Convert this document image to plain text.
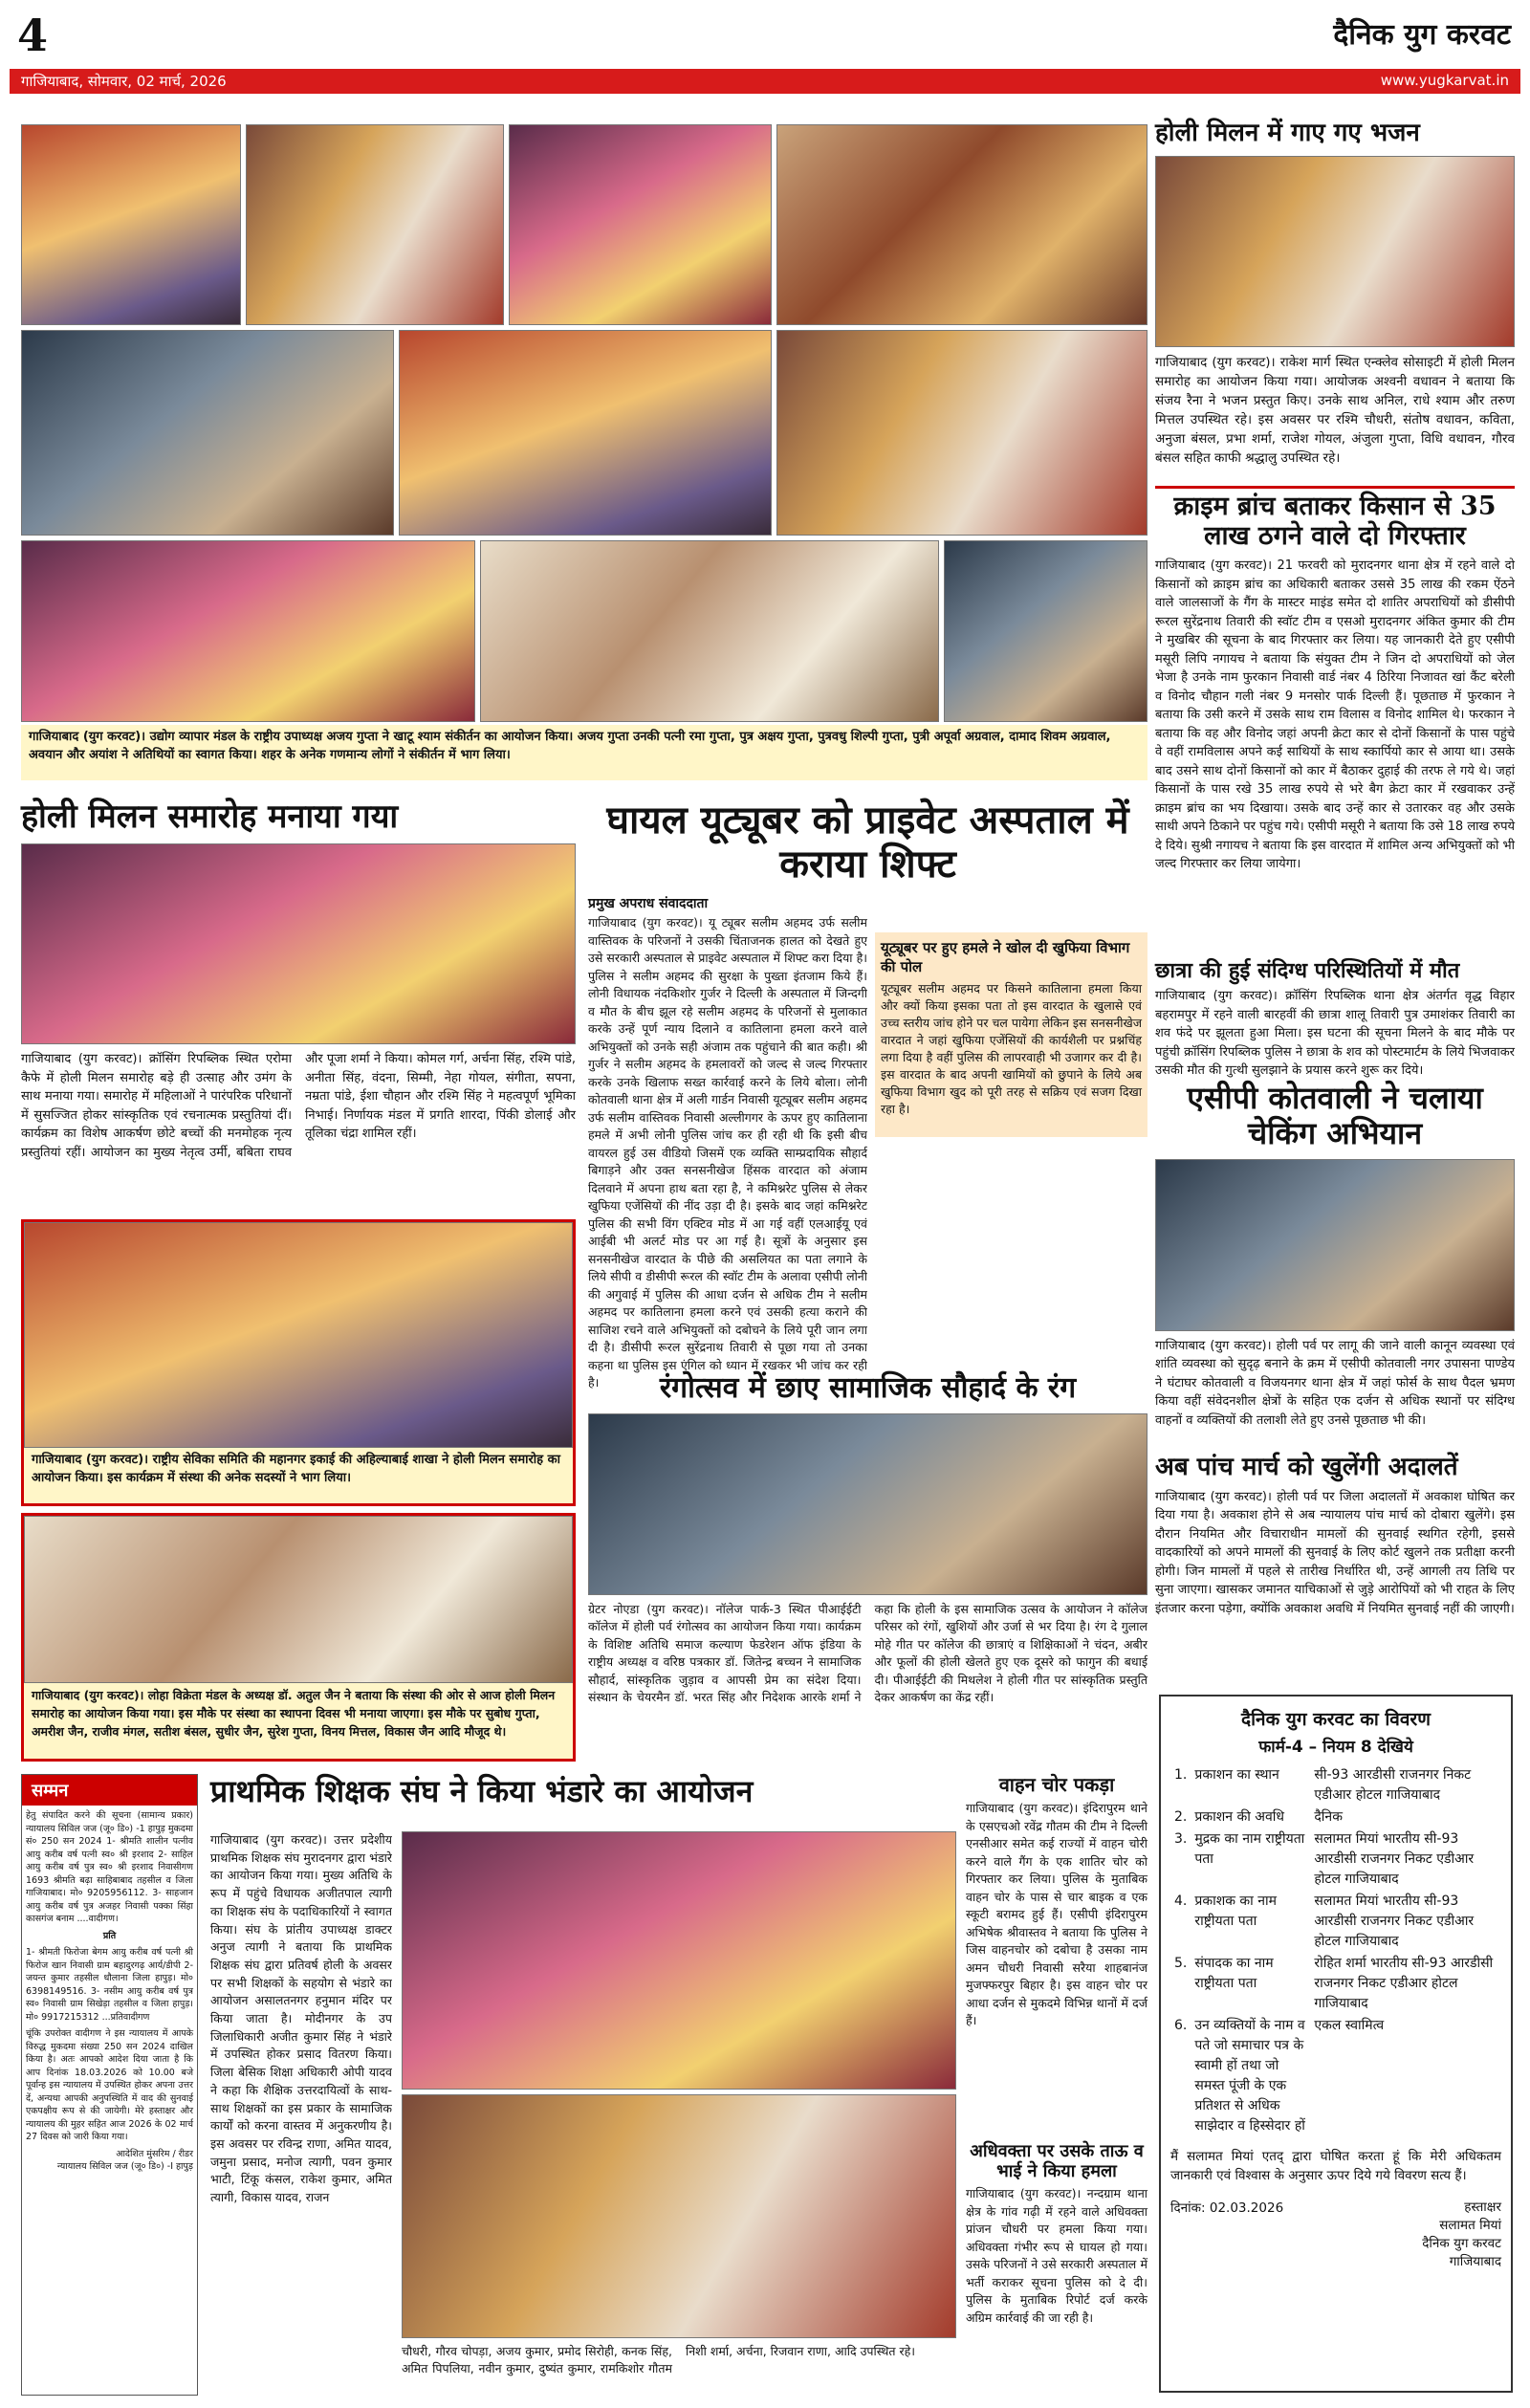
4	दैनिक युग करवट
गाजियाबाद, सोमवार, 02 मार्च, 2026	www.yugkarvat.in
गाजियाबाद (युग करवट)। उद्योग व्यापार मंडल के राष्ट्रीय उपाध्यक्ष अजय गुप्ता ने खाटू श्याम संकीर्तन का आयोजन किया। अजय गुप्ता उनकी पत्नी रमा गुप्ता, पुत्र अक्षय गुप्ता, पुत्रवधु शिल्पी गुप्ता, पुत्री अपूर्वा अग्रवाल, दामाद शिवम अग्रवाल, अवयान और अयांश ने अतिथियों का स्वागत किया। शहर के अनेक गणमान्य लोगों ने संकीर्तन में भाग लिया।
होली मिलन में गाए गए भजन
गाजियाबाद (युग करवट)। राकेश मार्ग स्थित एन्क्लेव सोसाइटी में होली मिलन समारोह का आयोजन किया गया। आयोजक अश्वनी वधावन ने बताया कि संजय रैना ने भजन प्रस्तुत किए। उनके साथ अनिल, राधे श्याम और तरुण मित्तल उपस्थित रहे। इस अवसर पर रश्मि चौधरी, संतोष वधावन, कविता, अनुजा बंसल, प्रभा शर्मा, राजेश गोयल, अंजुला गुप्ता, विधि वधावन, गौरव बंसल सहित काफी श्रद्धालु उपस्थित रहे।
क्राइम ब्रांच बताकर किसान से 35 लाख ठगने वाले दो गिरफ्तार
गाजियाबाद (युग करवट)। 21 फरवरी को मुरादनगर थाना क्षेत्र में रहने वाले दो किसानों को क्राइम ब्रांच का अधिकारी बताकर उससे 35 लाख की रकम ऐंठने वाले जालसाजों के गैंग के मास्टर माइंड समेत दो शातिर अपराधियों को डीसीपी रूरल सुरेंद्रनाथ तिवारी की स्वॉट टीम व एसओ मुरादनगर अंकित कुमार की टीम ने मुखबिर की सूचना के बाद गिरफ्तार कर लिया। यह जानकारी देते हुए एसीपी मसूरी लिपि नगायच ने बताया कि संयुक्त टीम ने जिन दो अपराधियों को जेल भेजा है उनके नाम फुरकान निवासी वार्ड नंबर 4 ठिरिया निजावत खां कैंट बरेली व विनोद चौहान गली नंबर 9 मनसोर पार्क दिल्ली हैं। पूछताछ में फुरकान ने बताया कि उसी करने में उसके साथ राम विलास व विनोद शामिल थे। फरकान ने बताया कि वह और विनोद जहां अपनी क्रेटा कार से दोनों किसानों के पास पहुंचे वे वहीं रामविलास अपने कई साथियों के साथ स्कार्पियो कार से आया था। उसके बाद उसने साथ दोनों किसानों को कार में बैठाकर दुहाई की तरफ ले गये थे। जहां किसानों के पास रखे 35 लाख रुपये से भरे बैग क्रेटा कार में रखवाकर उन्हें क्राइम ब्रांच का भय दिखाया। उसके बाद उन्हें कार से उतारकर वह और उसके साथी अपने ठिकाने पर पहुंच गये। एसीपी मसूरी ने बताया कि उसे 18 लाख रुपये दे दिये। सुश्री नगायच ने बताया कि इस वारदात में शामिल अन्य अभियुक्तों को भी जल्द गिरफ्तार कर लिया जायेगा।
छात्रा की हुई संदिग्ध परिस्थितियों में मौत
गाजियाबाद (युग करवट)। क्रॉसिंग रिपब्लिक थाना क्षेत्र अंतर्गत वृद्ध विहार बहरामपुर में रहने वाली बारहवीं की छात्रा शालू तिवारी पुत्र उमाशंकर तिवारी का शव फंदे पर झूलता हुआ मिला। इस घटना की सूचना मिलने के बाद मौके पर पहुंची क्रॉसिंग रिपब्लिक पुलिस ने छात्रा के शव को पोस्टमार्टम के लिये भिजवाकर उसकी मौत की गुत्थी सुलझाने के प्रयास करने शुरू कर दिये।
एसीपी कोतवाली ने चलाया चेकिंग अभियान
गाजियाबाद (युग करवट)। होली पर्व पर लागू की जाने वाली कानून व्यवस्था एवं शांति व्यवस्था को सुदृढ़ बनाने के क्रम में एसीपी कोतवाली नगर उपासना पाण्डेय ने घंटाघर कोतवाली व विजयनगर थाना क्षेत्र में जहां फोर्स के साथ पैदल भ्रमण किया वहीं संवेदनशील क्षेत्रों के सहित एक दर्जन से अधिक स्थानों पर संदिग्ध वाहनों व व्यक्तियों की तलाशी लेते हुए उनसे पूछताछ भी की।
अब पांच मार्च को खुलेंगी अदालतें
गाजियाबाद (युग करवट)। होली पर्व पर जिला अदालतों में अवकाश घोषित कर दिया गया है। अवकाश होने से अब न्यायालय पांच मार्च को दोबारा खुलेंगे। इस दौरान नियमित और विचाराधीन मामलों की सुनवाई स्थगित रहेगी, इससे वादकारियों को अपने मामलों की सुनवाई के लिए कोर्ट खुलने तक प्रतीक्षा करनी होगी। जिन मामलों में पहले से तारीख निर्धारित थी, उन्हें आगली तय तिथि पर सुना जाएगा। खासकर जमानत याचिकाओं से जुड़े आरोपियों को भी राहत के लिए इंतजार करना पड़ेगा, क्योंकि अवकाश अवधि में नियमित सुनवाई नहीं की जाएगी।
दैनिक युग करवट का विवरण
फार्म-4 – नियम 8 देखिये
1.	प्रकाशन का स्थान	सी-93 आरडीसी राजनगर निकट एडीआर होटल गाजियाबाद
2.	प्रकाशन की अवधि	दैनिक
3.	मुद्रक का नाम राष्ट्रीयता पता	सलामत मियां भारतीय सी-93 आरडीसी राजनगर निकट एडीआर होटल गाजियाबाद
4.	प्रकाशक का नाम राष्ट्रीयता पता	सलामत मियां भारतीय सी-93 आरडीसी राजनगर निकट एडीआर होटल गाजियाबाद
5.	संपादक का नाम राष्ट्रीयता पता	रोहित शर्मा भारतीय सी-93 आरडीसी राजनगर निकट एडीआर होटल गाजियाबाद
6.	उन व्यक्तियों के नाम व पते जो समाचार पत्र के स्वामी हों तथा जो समस्त पूंजी के एक प्रतिशत से अधिक साझेदार व हिस्सेदार हों	एकल स्वामित्व
मैं सलामत मियां एतद् द्वारा घोषित करता हूं कि मेरी अधिकतम जानकारी एवं विश्वास के अनुसार ऊपर दिये गये विवरण सत्य हैं।
दिनांक: 02.03.2026	हस्ताक्षर
सलामत मियां
दैनिक युग करवट
गाजियाबाद
होली मिलन समारोह मनाया गया
गाजियाबाद (युग करवट)। क्रॉसिंग रिपब्लिक स्थित एरोमा कैफे में होली मिलन समारोह बड़े ही उत्साह और उमंग के साथ मनाया गया। समारोह में महिलाओं ने पारंपरिक परिधानों में सुसज्जित होकर सांस्कृतिक एवं रचनात्मक प्रस्तुतियां दीं। कार्यक्रम का विशेष आकर्षण छोटे बच्चों की मनमोहक नृत्य प्रस्तुतियां रहीं। आयोजन का मुख्य नेतृत्व उर्मी, बबिता राघव और पूजा शर्मा ने किया। कोमल गर्ग, अर्चना सिंह, रश्मि पांडे, अनीता सिंह, वंदना, सिम्मी, नेहा गोयल, संगीता, सपना, नम्रता पांडे, ईशा चौहान और रश्मि सिंह ने महत्वपूर्ण भूमिका निभाई। निर्णायक मंडल में प्रगति शारदा, पिंकी डोलाई और तूलिका चंद्रा शामिल रहीं।
गाजियाबाद (युग करवट)। राष्ट्रीय सेविका समिति की महानगर इकाई की अहिल्याबाई शाखा ने होली मिलन समारोह का आयोजन किया। इस कार्यक्रम में संस्था की अनेक सदस्यों ने भाग लिया।
गाजियाबाद (युग करवट)। लोहा विक्रेता मंडल के अध्यक्ष डॉ. अतुल जैन ने बताया कि संस्था की ओर से आज होली मिलन समारोह का आयोजन किया गया। इस मौके पर संस्था का स्थापना दिवस भी मनाया जाएगा। इस मौके पर सुबोध गुप्ता, अमरीश जैन, राजीव मंगल, सतीश बंसल, सुधीर जैन, सुरेश गुप्ता, विनय मित्तल, विकास जैन आदि मौजूद थे।
घायल यूट्यूबर को प्राइवेट अस्पताल में कराया शिफ्ट
प्रमुख अपराध संवाददाता
यूट्यूबर पर हुए हमले ने खोल दी खुफिया विभाग की पोल
यूट्यूबर सलीम अहमद पर किसने कातिलाना हमला किया और क्यों किया इसका पता तो इस वारदात के खुलासे एवं उच्च स्तरीय जांच होने पर चल पायेगा लेकिन इस सनसनीखेज वारदात ने जहां खुफिया एजेंसियों की कार्यशैली पर प्रश्नचिंह लगा दिया है वहीं पुलिस की लापरवाही भी उजागर कर दी है। इस वारदात के बाद अपनी खामियों को छुपाने के लिये अब खुफिया विभाग खुद को पूरी तरह से सक्रिय एवं सजग दिखा रहा है।
गाजियाबाद (युग करवट)। यू ट्यूबर सलीम अहमद उर्फ सलीम वास्तिवक के परिजनों ने उसकी चिंताजनक हालत को देखते हुए उसे सरकारी अस्पताल से प्राइवेट अस्पताल में शिफ्ट करा दिया है। पुलिस ने सलीम अहमद की सुरक्षा के पुख्ता इंतजाम किये हैं। लोनी विधायक नंदकिशोर गुर्जर ने दिल्ली के अस्पताल में जिन्दगी व मौत के बीच झूल रहे सलीम अहमद के परिजनों से मुलाकात करके उन्हें पूर्ण न्याय दिलाने व कातिलाना हमला करने वाले अभियुक्तों को उनके सही अंजाम तक पहुंचाने की बात कही। श्री गुर्जर ने सलीम अहमद के हमलावरों को जल्द से जल्द गिरफ्तार करके उनके खिलाफ सख्त कार्रवाई करने के लिये बोला। लोनी कोतवाली थाना क्षेत्र में अली गार्डन निवासी यूट्यूबर सलीम अहमद उर्फ सलीम वास्तिवक निवासी अल्लीगगर के ऊपर हुए कातिलाना हमले में अभी लोनी पुलिस जांच कर ही रही थी कि इसी बीच वायरल हुई उस वीडियो जिसमें एक व्यक्ति साम्प्रदायिक सौहार्द बिगाड़ने और उक्त सनसनीखेज हिंसक वारदात को अंजाम दिलवाने में अपना हाथ बता रहा है, ने कमिश्नरेट पुलिस से लेकर खुफिया एजेंसियों की नींद उड़ा दी है। इसके बाद जहां कमिश्नरेट पुलिस की सभी विंग एक्टिव मोड में आ गई वहीं एलआईयू एवं आईबी भी अलर्ट मोड पर आ गई है। सूत्रों के अनुसार इस सनसनीखेज वारदात के पीछे की असलियत का पता लगाने के लिये सीपी व डीसीपी रूरल की स्वॉट टीम के अलावा एसीपी लोनी की अगुवाई में पुलिस की आधा दर्जन से अधिक टीम ने सलीम अहमद पर कातिलाना हमला करने एवं उसकी हत्या कराने की साजिश रचने वाले अभियुक्तों को दबोचने के लिये पूरी जान लगा दी है। डीसीपी रूरल सुरेंद्रनाथ तिवारी से पूछा गया तो उनका कहना था पुलिस इस एंगिल को ध्यान में रखकर भी जांच कर रही है।	रंगोत्सव में छाए सामाजिक सौहार्द के रंग
ग्रेटर नोएडा (युग करवट)। नॉलेज पार्क-3 स्थित पीआईईटी कॉलेज में होली पर्व रंगोत्सव का आयोजन किया गया। कार्यक्रम के विशिष्ट अतिथि समाज कल्याण फेडरेशन ऑफ इंडिया के राष्ट्रीय अध्यक्ष व वरिष्ठ पत्रकार डॉ. जितेन्द्र बच्चन ने सामाजिक सौहार्द, सांस्कृतिक जुड़ाव व आपसी प्रेम का संदेश दिया। संस्थान के चेयरमैन डॉ. भरत सिंह और निदेशक आरके शर्मा ने कहा कि होली के इस सामाजिक उत्सव के आयोजन ने कॉलेज परिसर को रंगों, खुशियों और उर्जा से भर दिया है। रंग दे गुलाल मोहे गीत पर कॉलेज की छात्राएं व शिक्षिकाओं ने चंदन, अबीर और फूलों की होली खेलते हुए एक दूसरे को फागुन की बधाई दी। पीआईईटी की मिथलेश ने होली गीत पर सांस्कृतिक प्रस्तुति देकर आकर्षण का केंद्र रहीं।
सम्मन
हेतु संपादित करने की सूचना (सामान्य प्रकार) न्यायालय सिविल जज (जू० डि०) -1 हापुड़ मुकदमा सं० 250 सन 2024 1- श्रीमति शालीन पत्नीव आयु करीब वर्ष पत्नी स्व० श्री इरशाद 2- साहिल आयु करीब वर्ष पुत्र स्व० श्री इरशाद निवासीगण 1693 श्रीमति बढ़ा साहिबाबाद तहसील व जिला गाजियाबाद। मो० 9205956112. 3- साहजान आयु करीब वर्ष पुत्र अजहर निवासी पक्का सिंहा कासगंज बनाम ....वादीगण।
प्रति
1- श्रीमती फिरोजा बेगम आयु करीब वर्ष पत्नी श्री फिरोज खान निवासी ग्राम बहादुरगढ़ आर्य/डीपी 2- जयन्त कुमार तहसील धौलाना जिला हापुड़। मो० 6398149516. 3- नसीम आयु करीब वर्ष पुत्र स्व० निवासी ग्राम सिखेड़ा तहसील व जिला हापुड़। मो० 9917215312 ...प्रतिवादीगण
चूंकि उपरोक्त वादीगण ने इस न्यायालय में आपके विरुद्ध मुकदमा संख्या 250 सन 2024 दाखिल किया है। अतः आपको आदेश दिया जाता है कि आप दिनांक 18.03.2026 को 10.00 बजे पूर्वान्ह इस न्यायालय में उपस्थित होकर अपना उत्तर दें, अन्यथा आपकी अनुपस्थिति में वाद की सुनवाई एकपक्षीय रूप से की जायेगी। मेरे हस्ताक्षर और न्यायालय की मुहर सहित आज 2026 के 02 मार्च 27 दिवस को जारी किया गया।
आदेशित मुंसरिम / रीडर
न्यायालय सिविल जज (जू० डि०) -I हापुड़
प्राथमिक शिक्षक संघ ने किया भंडारे का आयोजन
गाजियाबाद (युग करवट)। उत्तर प्रदेशीय प्राथमिक शिक्षक संघ मुरादनगर द्वारा भंडारे का आयोजन किया गया। मुख्य अतिथि के रूप में पहुंचे विधायक अजीतपाल त्यागी का शिक्षक संघ के पदाधिकारियों ने स्वागत किया। संघ के प्रांतीय उपाध्यक्ष डाक्टर अनुज त्यागी ने बताया कि प्राथमिक शिक्षक संघ द्वारा प्रतिवर्ष होली के अवसर पर सभी शिक्षकों के सहयोग से भंडारे का आयोजन असालतनगर हनुमान मंदिर पर किया जाता है। मोदीनगर के उप जिलाधिकारी अजीत कुमार सिंह ने भंडारे में उपस्थित होकर प्रसाद वितरण किया। जिला बेसिक शिक्षा अधिकारी ओपी यादव ने कहा कि शैक्षिक उत्तरदायित्वों के साथ-साथ शिक्षकों का इस प्रकार के सामाजिक कार्यों को करना वास्तव में अनुकरणीय है। इस अवसर पर रविन्द्र राणा, अमित यादव, जमुना प्रसाद, मनोज त्यागी, पवन कुमार भाटी, टिंकू कंसल, राकेश कुमार, अमित त्यागी, विकास यादव, राजन
चौधरी, गौरव चोपड़ा, अजय कुमार, प्रमोद सिरोही, कनक सिंह, अमित पिपलिया, नवीन कुमार, दुष्यंत कुमार, रामकिशोर गौतम निशी शर्मा, अर्चना, रिजवान राणा, आदि उपस्थित रहे।
वाहन चोर पकड़ा
गाजियाबाद (युग करवट)। इंदिरापुरम थाने के एसएचओ रवेंद्र गौतम की टीम ने दिल्ली एनसीआर समेत कई राज्यों में वाहन चोरी करने वाले गैंग के एक शातिर चोर को गिरफ्तार कर लिया। पुलिस के मुताबिक वाहन चोर के पास से चार बाइक व एक स्कूटी बरामद हुई हैं। एसीपी इंदिरापुरम अभिषेक श्रीवास्तव ने बताया कि पुलिस ने जिस वाहनचोर को दबोचा है उसका नाम अमन चौधरी निवासी सरैया शाहबानंज मुजफ्फरपुर बिहार है। इस वाहन चोर पर आधा दर्जन से मुकदमे विभिन्न थानों में दर्ज हैं।
अधिवक्ता पर उसके ताऊ व भाई ने किया हमला
गाजियाबाद (युग करवट)। नन्दग्राम थाना क्षेत्र के गांव गढ़ी में रहने वाले अधिवक्ता प्रांजन चौधरी पर हमला किया गया। अधिवक्ता गंभीर रूप से घायल हो गया। उसके परिजनों ने उसे सरकारी अस्पताल में भर्ती कराकर सूचना पुलिस को दे दी। पुलिस के मुताबिक रिपोर्ट दर्ज करके अग्रिम कार्रवाई की जा रही है।
